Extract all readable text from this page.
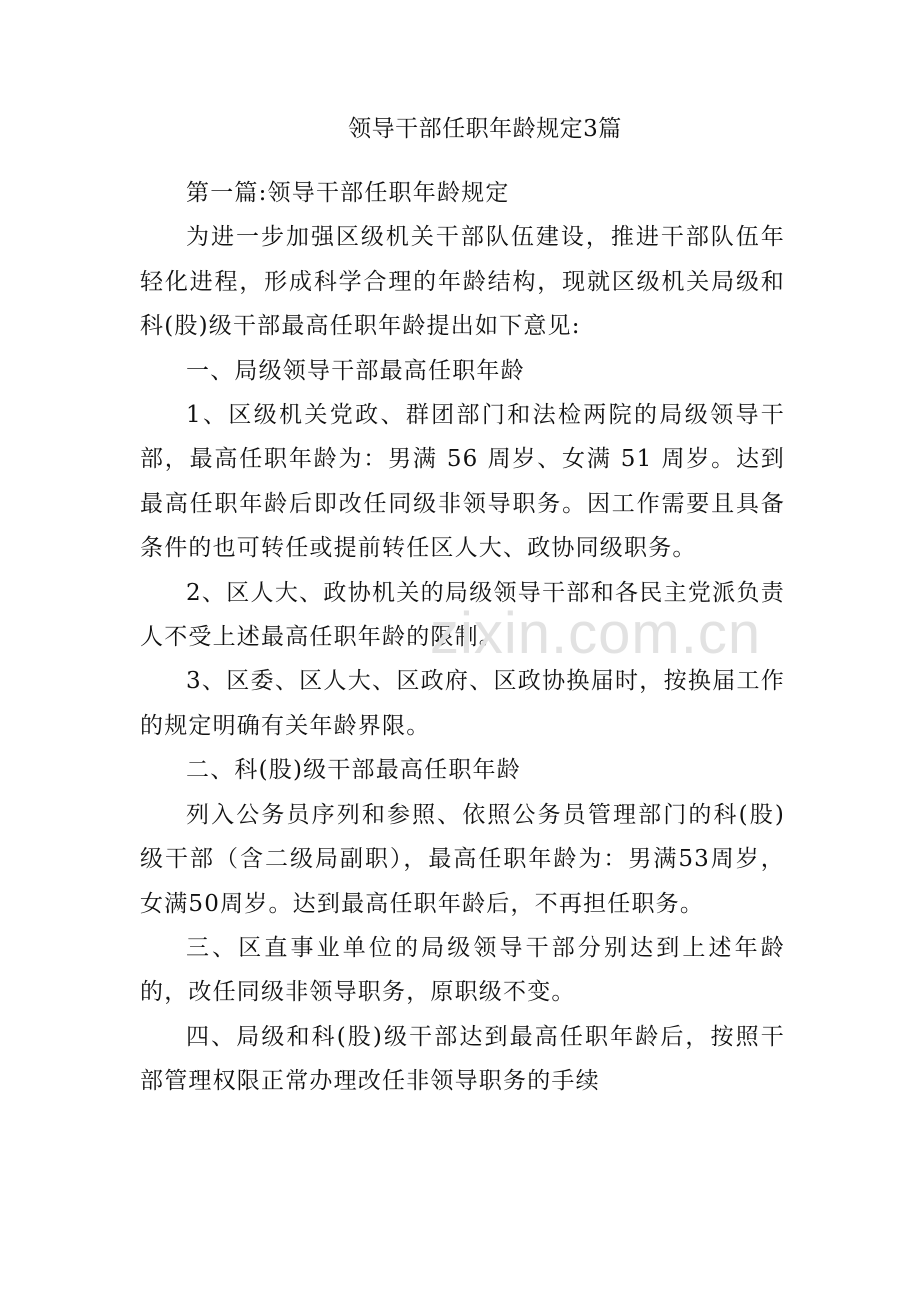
领导干部任职年龄规定3篇

第一篇:领导干部任职年龄规定

为进一步加强区级机关干部队伍建设，推进干部队伍年轻化进程，形成科学合理的年龄结构，现就区级机关局级和科(股)级干部最高任职年龄提出如下意见:

一、局级领导干部最高任职年龄

1、区级机关党政、群团部门和法检两院的局级领导干部，最高任职年龄为：男满 56 周岁、女满 51 周岁。达到最高任职年龄后即改任同级非领导职务。因工作需要且具备条件的也可转任或提前转任区人大、政协同级职务。

2、区人大、政协机关的局级领导干部和各民主党派负责人不受上述最高任职年龄的限制。

3、区委、区人大、区政府、区政协换届时，按换届工作的规定明确有关年龄界限。

二、科(股)级干部最高任职年龄

列入公务员序列和参照、依照公务员管理部门的科(股)级干部（含二级局副职），最高任职年龄为：男满53周岁，女满50周岁。达到最高任职年龄后，不再担任职务。

三、区直事业单位的局级领导干部分别达到上述年龄的，改任同级非领导职务，原职级不变。

四、局级和科(股)级干部达到最高任职年龄后，按照干部管理权限正常办理改任非领导职务的手续

zixin.com.cn
